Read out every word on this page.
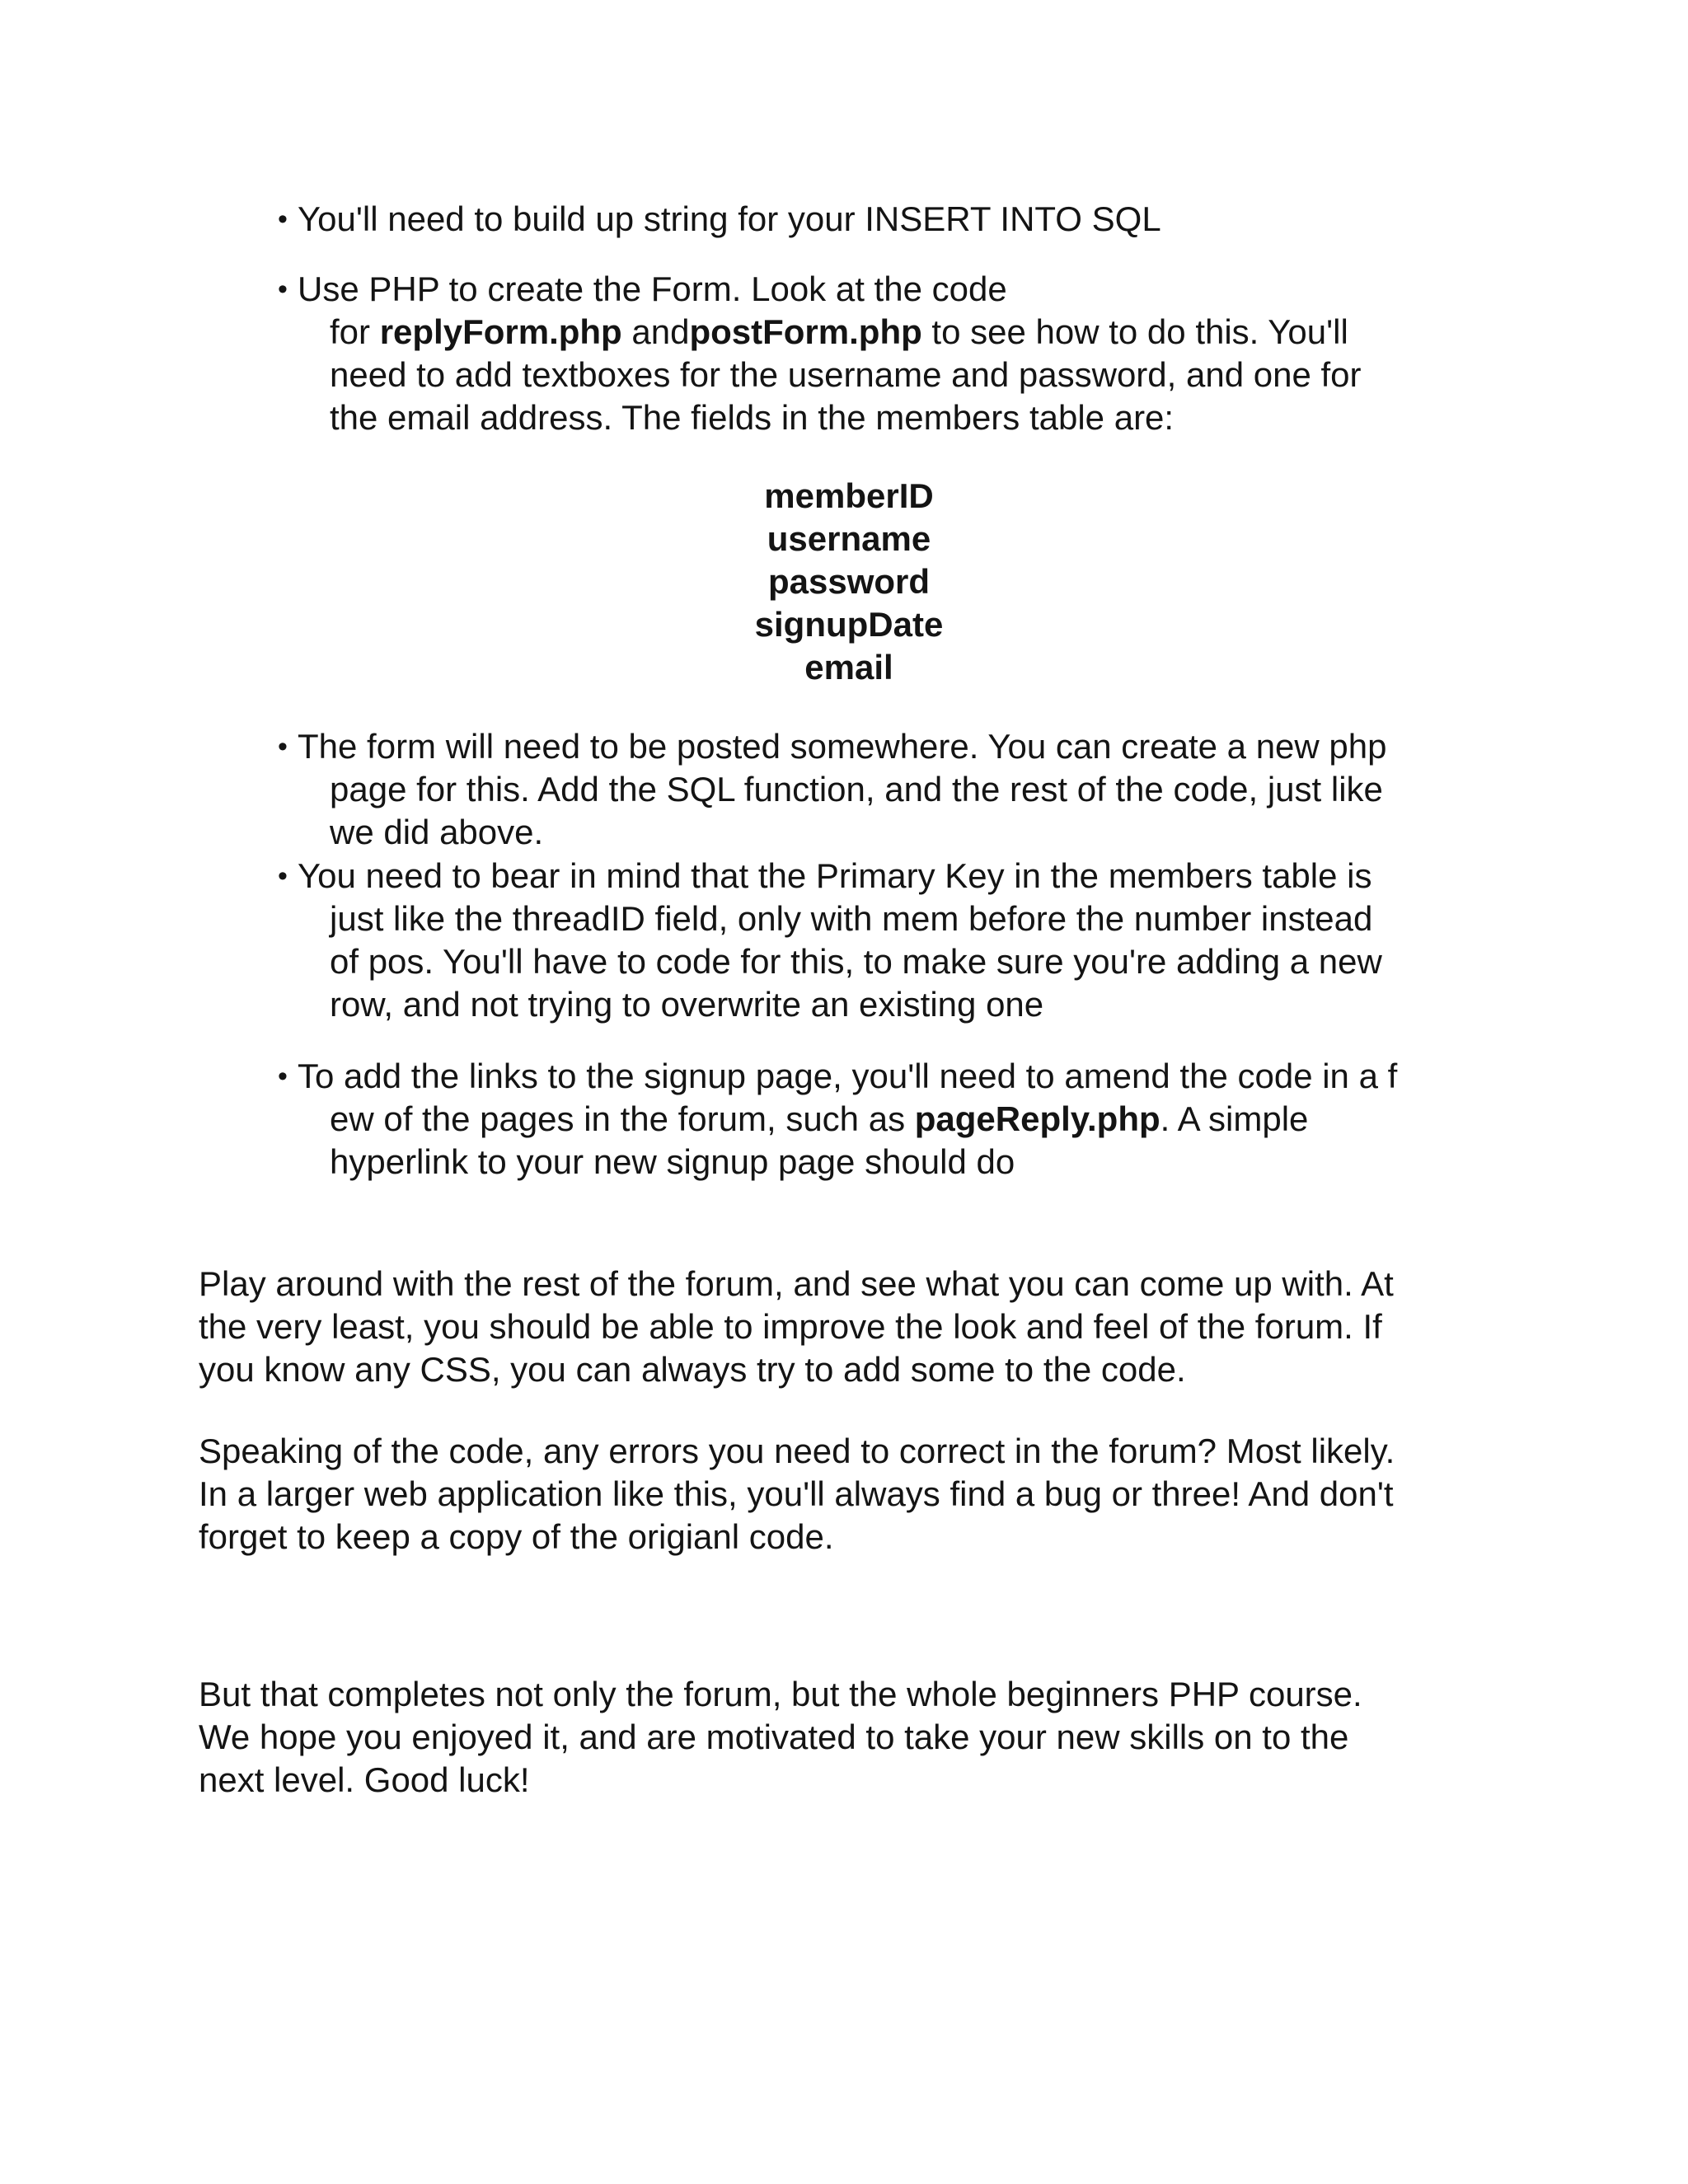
• You'll need to build up string for your INSERT INTO SQL
• Use PHP to create the Form. Look at the code
for replyForm.php andpostForm.php to see how to do this. You'll
need to add textboxes for the username and password, and one for
the email address. The fields in the members table are:
memberID
username
password
signupDate
email
• The form will need to be posted somewhere. You can create a new php
page for this. Add the SQL function, and the rest of the code, just like
we did above.
• You need to bear in mind that the Primary Key in the members table is
just like the threadID field, only with mem before the number instead
of pos. You'll have to code for this, to make sure you're adding a new
row, and not trying to overwrite an existing one
• To add the links to the signup page, you'll need to amend the code in a f
ew of the pages in the forum, such as pageReply.php. A simple
hyperlink to your new signup page should do
Play around with the rest of the forum, and see what you can come up with. At
the very least, you should be able to improve the look and feel of the forum. If
you know any CSS, you can always try to add some to the code.
Speaking of the code, any errors you need to correct in the forum? Most likely.
In a larger web application like this, you'll always find a bug or three! And don't
forget to keep a copy of the origianl code.
But that completes not only the forum, but the whole beginners PHP course.
We hope you enjoyed it, and are motivated to take your new skills on to the
next level. Good luck!
